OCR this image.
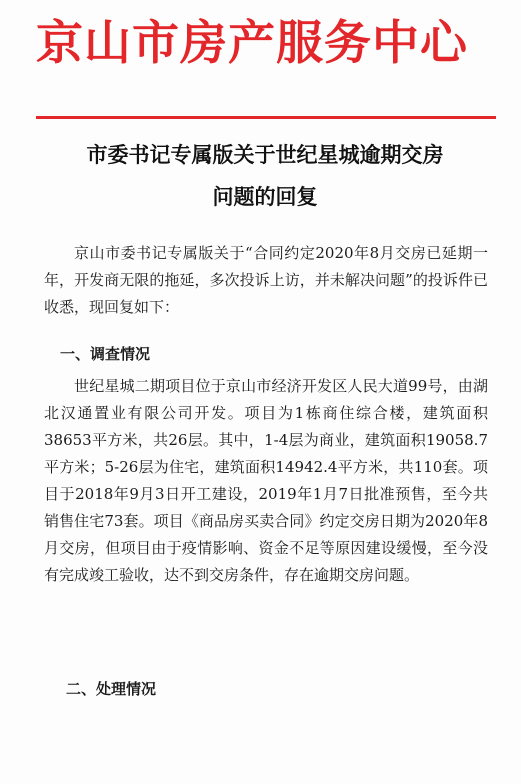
京山市房产服务中心
市委书记专属版关于世纪星城逾期交房
问题的回复

京山市委书记专属版关于“合同约定2020年8月交房已延期一年，开发商无限的拖延，多次投诉上访，并未解决问题”的投诉件已收悉，现回复如下：

一、调查情况

世纪星城二期项目位于京山市经济开发区人民大道99号，由湖北汉通置业有限公司开发。项目为1栋商住综合楼，建筑面积38653平方米，共26层。其中，1-4层为商业，建筑面积19058.7平方米；5-26层为住宅，建筑面积14942.4平方米，共110套。项目于2018年9月3日开工建设，2019年1月7日批准预售，至今共销售住宅73套。项目《商品房买卖合同》约定交房日期为2020年8月交房，但项目由于疫情影响、资金不足等原因建设缓慢，至今没有完成竣工验收，达不到交房条件，存在逾期交房问题。

二、处理情况
